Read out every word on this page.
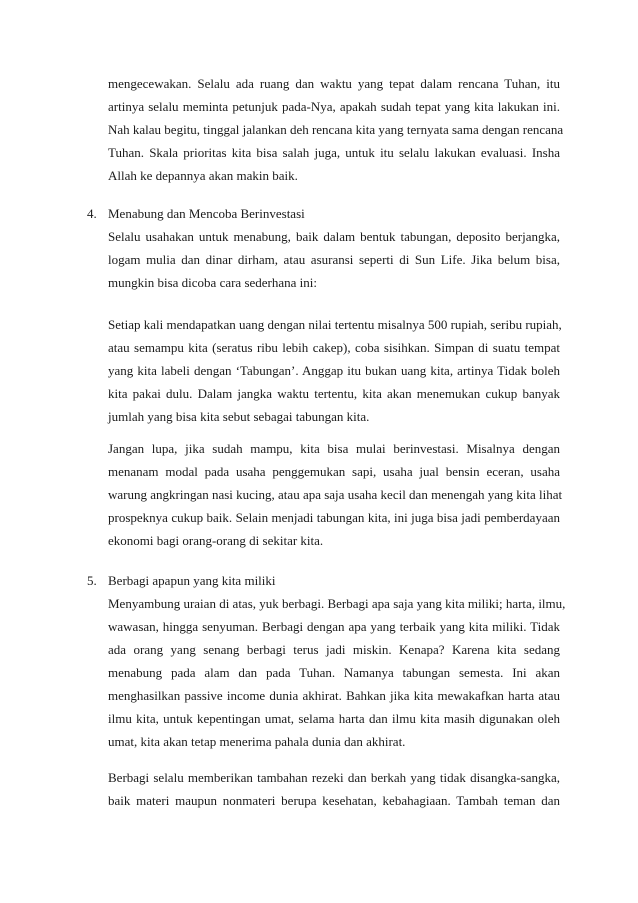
mengecewakan. Selalu ada ruang dan waktu yang tepat dalam rencana Tuhan, itu
artinya selalu meminta petunjuk pada-Nya, apakah sudah tepat yang kita lakukan ini.
Nah kalau begitu, tinggal jalankan deh rencana kita yang ternyata sama dengan rencana
Tuhan. Skala prioritas kita bisa salah juga, untuk itu selalu lakukan evaluasi. Insha
Allah ke depannya akan makin baik.
4. Menabung dan Mencoba Berinvestasi
Selalu usahakan untuk menabung, baik dalam bentuk tabungan, deposito berjangka,
logam mulia dan dinar dirham, atau asuransi seperti di Sun Life. Jika belum bisa,
mungkin bisa dicoba cara sederhana ini:
Setiap kali mendapatkan uang dengan nilai tertentu misalnya 500 rupiah, seribu rupiah,
atau semampu kita (seratus ribu lebih cakep), coba sisihkan. Simpan di suatu tempat
yang kita labeli dengan ‘Tabungan’. Anggap itu bukan uang kita, artinya Tidak boleh
kita pakai dulu. Dalam jangka waktu tertentu, kita akan menemukan cukup banyak
jumlah yang bisa kita sebut sebagai tabungan kita.
Jangan lupa, jika sudah mampu, kita bisa mulai berinvestasi. Misalnya dengan
menanam modal pada usaha penggemukan sapi, usaha jual bensin eceran, usaha
warung angkringan nasi kucing, atau apa saja usaha kecil dan menengah yang kita lihat
prospeknya cukup baik. Selain menjadi tabungan kita, ini juga bisa jadi pemberdayaan
ekonomi bagi orang-orang di sekitar kita.
5. Berbagi apapun yang kita miliki
Menyambung uraian di atas, yuk berbagi. Berbagi apa saja yang kita miliki; harta, ilmu,
wawasan, hingga senyuman. Berbagi dengan apa yang terbaik yang kita miliki. Tidak
ada orang yang senang berbagi terus jadi miskin. Kenapa? Karena kita sedang
menabung pada alam dan pada Tuhan. Namanya tabungan semesta. Ini akan
menghasilkan passive income dunia akhirat. Bahkan jika kita mewakafkan harta atau
ilmu kita, untuk kepentingan umat, selama harta dan ilmu kita masih digunakan oleh
umat, kita akan tetap menerima pahala dunia dan akhirat.
Berbagi selalu memberikan tambahan rezeki dan berkah yang tidak disangka-sangka,
baik materi maupun nonmateri berupa kesehatan, kebahagiaan. Tambah teman dan
